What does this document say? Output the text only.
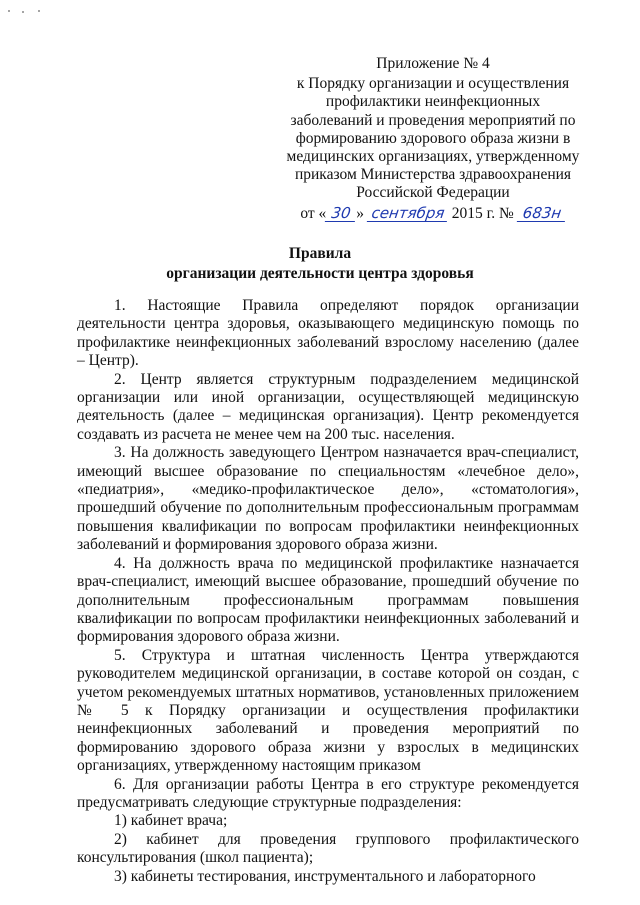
Приложение № 4
к Порядку организации и осуществления
профилактики неинфекционных
заболеваний и проведения мероприятий по
формированию здорового образа жизни в
медицинских организациях, утвержденному
приказом Министерства здравоохранения
Российской Федерации
от « 30 » сентября 2015 г. № 683н
Правила
организации деятельности центра здоровья

1. Настоящие Правила определяют порядок организации деятельности центра здоровья, оказывающего медицинскую помощь по профилактике неинфекционных заболеваний взрослому населению (далее – Центр).

2. Центр является структурным подразделением медицинской организации или иной организации, осуществляющей медицинскую деятельность (далее – медицинская организация). Центр рекомендуется создавать из расчета не менее чем на 200 тыс. населения.

3. На должность заведующего Центром назначается врач-специалист, имеющий высшее образование по специальностям «лечебное дело», «педиатрия», «медико-профилактическое дело», «стоматология», прошедший обучение по дополнительным профессиональным программам повышения квалификации по вопросам профилактики неинфекционных заболеваний и формирования здорового образа жизни.

4. На должность врача по медицинской профилактике назначается врач-специалист, имеющий высшее образование, прошедший обучение по дополнительным профессиональным программам повышения квалификации по вопросам профилактики неинфекционных заболеваний и формирования здорового образа жизни.

5. Структура и штатная численность Центра утверждаются руководителем медицинской организации, в составе которой он создан, с учетом рекомендуемых штатных нормативов, установленных приложением № 5 к Порядку организации и осуществления профилактики неинфекционных заболеваний и проведения мероприятий по формированию здорового образа жизни у взрослых в медицинских организациях, утвержденному настоящим приказом

6. Для организации работы Центра в его структуре рекомендуется предусматривать следующие структурные подразделения:

1) кабинет врача;

2) кабинет для проведения группового профилактического консультирования (школ пациента);

3) кабинеты тестирования, инструментального и лабораторного
